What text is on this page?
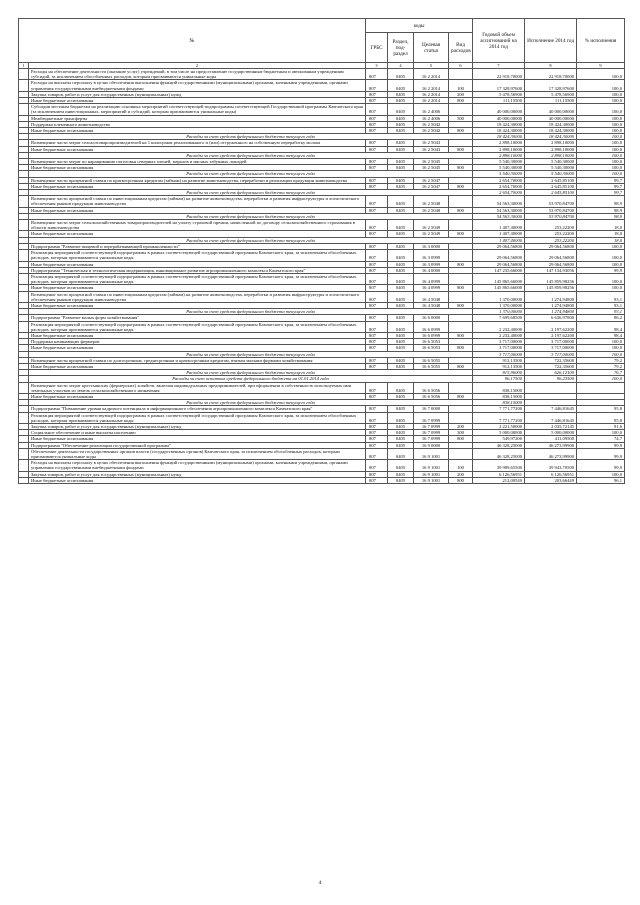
№		коды				Годовой объем ассигнований на 2014 год	Исполнение 2014 год	% исполнения
		ГРБС	Раздел, под-раздел	Целевая статья	Вид расходов			
1	2	3	4	5	6	7	8	9
	Расходы на обеспечение деятельности (оказание услуг) учреждений, в том числе на предоставление государственным бюджетным и автономным учреждениям субсидий, за исключением обособленных расходов, которым присваиваются уникальные коды	807	0405	16 2 2014		22 918,70000	22 918,70000	100,0
	Расходы на выплаты персоналу в целях обеспечения выполнения функций государственными (муниципальными) органами, казенными учреждениями, органами управления государственными внебюджетными фондами	807	0405	16 2 2014	100	17 328,97600	17 328,97600	100,0
	Закупка товаров, работ и услуг для государственных (муниципальных) нужд	807	0405	16 2 2014	200	5 478,56900	5 478,56900	100,0
	Иные бюджетные ассигнования	807	0405	16 2 2014	800	111,15500	111,15500	100,0
	Субсидии местным бюджетам на реализацию основных мероприятий соответствующей подпрограммы соответствующей Государственной программы Камчатского края (за исключением инвестиционных, мероприятий и субсидий, которым присваиваются уникальные коды)	807	0405	16 2 4006		40 000,00000	40 000,00000	100,0
	Межбюджетные трансферты	807	0405	16 2 4006	500	40 000,00000	40 000,00000	100,0
	Поддержка племенного животноводства	807	0405	16 2 5042		18 424,30000	18 424,30000	100,0
	Иные бюджетные ассигнования	807	0405	16 2 5042	800	18 424,30000	18 424,30000	100,0
	Расходы за счет средств федерального бюджета текущего года					18 424,30000	18 424,30000	100,0
	Возмещение части затрат сельхозтоваропроизводителей на 1 килограмм реализованного и (или) отгруженного на собственную переработку молока	807	0405	16 2 5043		2 898,10000	2 898,10000	100,0
	Иные бюджетные ассигнования	807	0405	16 2 5043	800	2 898,10000	2 898,10000	100,0
	Расходы за счет средств федерального бюджета текущего года					2 898,10000	2 898,10000	100,0
	Возмещение части затрат по наращиванию поголовья северных оленей, маралов и мясных табунных лошадей	807	0405	16 2 5045		5 540,30000	5 540,30000	100,0
	Иные бюджетные ассигнования	807	0405	16 2 5045	800	5 540,30000	5 540,30000	100,0
	Расходы за счет средств федерального бюджета текущего года					5 540,30000	5 540,30000	100,0
	Возмещение части процентной ставки по краткосрочным кредитам (займам) на развитие животноводства, переработки и реализации продукции животноводства	807	0405	16 2 5047		2 654,70000	2 645,85100	99,7
	Иные бюджетные ассигнования	807	0405	16 2 5047	800	2 654,70000	2 645,85100	99,7
	Расходы за счет средств федерального бюджета текущего года					2 654,70000	2 645,85100	99,7
	Возмещение части процентной ставки по инвестиционным кредитам (займам) на развитие животноводства, переработки и развития инфраструктуры и логистического обеспечения рынков продукции животноводства	807	0405	16 2 5048		54 563,30000	53 970,84700	98,9
	Иные бюджетные ассигнования	807	0405	16 2 5048	800	54 563,30000	53 970,84700	98,9
	Расходы за счет средств федерального бюджета текущего года					54 563,30000	53 970,84700	98,9
	Возмещение части затрат сельскохозяйственных товаропроизводителей на уплату страховой премии, начисленной по договору сельскохозяйственного страхования в области животноводства	807	0405	16 2 5049		1 407,40000	253,22200	18,0
	Иные бюджетные ассигнования	807	0405	16 2 5049	800	1 407,40000	253,22200	18,0
	Расходы за счет средств федерального бюджета текущего года					1 407,40000	253,22200	18,0
	Подпрограмма "Развитие пищевой и перерабатывающей промышленности"	807	0405	16 3 0000		29 064,56800	29 064,56800	100,0
	Реализация мероприятий соответствующей подпрограммы в рамках соответствующей государственной программы Камчатского края, за исключением обособленных расходов, которым присваиваются уникальные коды	807	0405	16 3 0999		29 064,56800	29 064,56800	100,0
	Иные бюджетные ассигнования	807	0405	16 3 0999	800	29 064,56800	29 064,56800	100,0
	Подпрограмма "Техническая и технологическая модернизация, инновационное развитие агропромышленного комплекса Камчатского края"	807	0405	16 4 0000		147 235,66000	147 134,93056	99,9
	Реализация мероприятий соответствующей подпрограммы в рамках соответствующей государственной программы Камчатского края, за исключением обособленных расходов, которым присваиваются уникальные коды	807	0405	16 4 0999		145 865,66000	145 859,98256	100,0
	Иные бюджетные ассигнования	807	0405	16 4 0999	800	145 865,66000	145 859,98256	100,0
	Возмещение части процентной ставки по инвестиционным кредитам (займам) на развитие животноводства, переработки и развития инфраструктуры и логистического обеспечения рынков продукции животноводства	807	0405	16 4 5048		1 370,00000	1 274,94800	93,1
	Иные бюджетные ассигнования	807	0405	16 4 5048	800	1 370,00000	1 274,94800	93,1
	Расходы за счет средств федерального бюджета текущего года					1 370,00000	1 274,94800	93,1
	Подпрограмма "Развитие малых форм хозяйствования"	807	0405	16 6 0000		7 699,68500	6 636,97800	86,2
	Реализация мероприятий соответствующей подпрограммы в рамках соответствующей государственной программы Камчатского края, за исключением обособленных расходов, которым присваиваются уникальные коды	807	0405	16 6 0999		2 232,40000	2 197,62200	98,4
	Иные бюджетные ассигнования	807	0405	16 6 0999	800	2 232,40000	2 197,62200	98,4
	Поддержка начинающих фермеров	807	0405	16 6 5053		3 717,00000	3 717,00000	100,0
	Иные бюджетные ассигнования	807	0405	16 6 5053	800	3 717,00000	3 717,00000	100,0
	Расходы за счет средств федерального бюджета текущего года					3 717,00000	3 717,00000	100,0
	Возмещение части процентной ставки по долгосрочным, среднесрочным и краткосрочным кредитам, взятым малыми формами хозяйствования	807	0405	16 6 5055		912,13500	722,35600	79,2
	Иные бюджетные ассигнования	807	0405	16 6 5055	800	912,13500	722,35600	79,2
	Расходы за счет средств федерального бюджета текущего года					815,96000	626,12100	76,7
	Расходы за счет остатков средств федерального бюджета на 01.01.2014 года					96,17500	96,23500	100,0
	Возмещение части затрат крестьянских (фермерских) хозяйств, включая индивидуальных предпринимателей, при оформлении в собственность используемых ими земельных участков из земель сельскохозяйственного назначения	807	0405	16 6 5056		838,15000		
	Иные бюджетные ассигнования	807	0405	16 6 5056	800	838,15000		
	Расходы за счет средств федерального бюджета текущего года					838,15000		
	Подпрограмма "Повышение уровня кадрового потенциала и информационного обеспечения агропромышленного комплекса Камчатского края"	807	0405	16 7 0000		7 771,77200	7 446,81645	95,8
	Реализация мероприятий соответствующей подпрограммы в рамках соответствующей государственной программы Камчатского края, за исключением обособленных расходов, которым присваиваются уникальные коды	807	0405	16 7 0999		7 771,77200	7 446,81645	95,8
	Закупка товаров, работ и услуг для государственных (муниципальных) нужд	807	0405	16 7 0999	200	2 221,50000	2 035,72145	91,6
	Социальное обеспечение и иные выплаты населению	807	0405	16 7 0999	300	5 000,00000	5 000,00000	100,0
	Иные бюджетные ассигнования	807	0405	16 7 0999	800	549,97200	411,09500	74,7
	Подпрограмма "Обеспечение реализации государственной программы"	807	0405	16 9 0000		46 328,25000	46 273,99900	99,9
	Обеспечение деятельности государственных органов власти (государственных органов) Камчатского края, за исключением обособленных расходов, которым присваиваются уникальные коды	807	0405	16 9 1001		46 328,25000	46 273,99900	99,9
	Расходы на выплаты персоналу в целях обеспечения выполнения функций государственными (муниципальными) органами, казенными учреждениями, органами управления государственными внебюджетными фондами	807	0405	16 9 1001	100	39 989,65500	39 943,70500	99,9
	Закупка товаров, работ и услуг для государственных (муниципальных) нужд	807	0405	16 9 1001	200	6 126,56951	6 126,56951	100,0
	Иные бюджетные ассигнования	807	0405	16 9 1001	800	212,00549	203,66449	96,1
4
